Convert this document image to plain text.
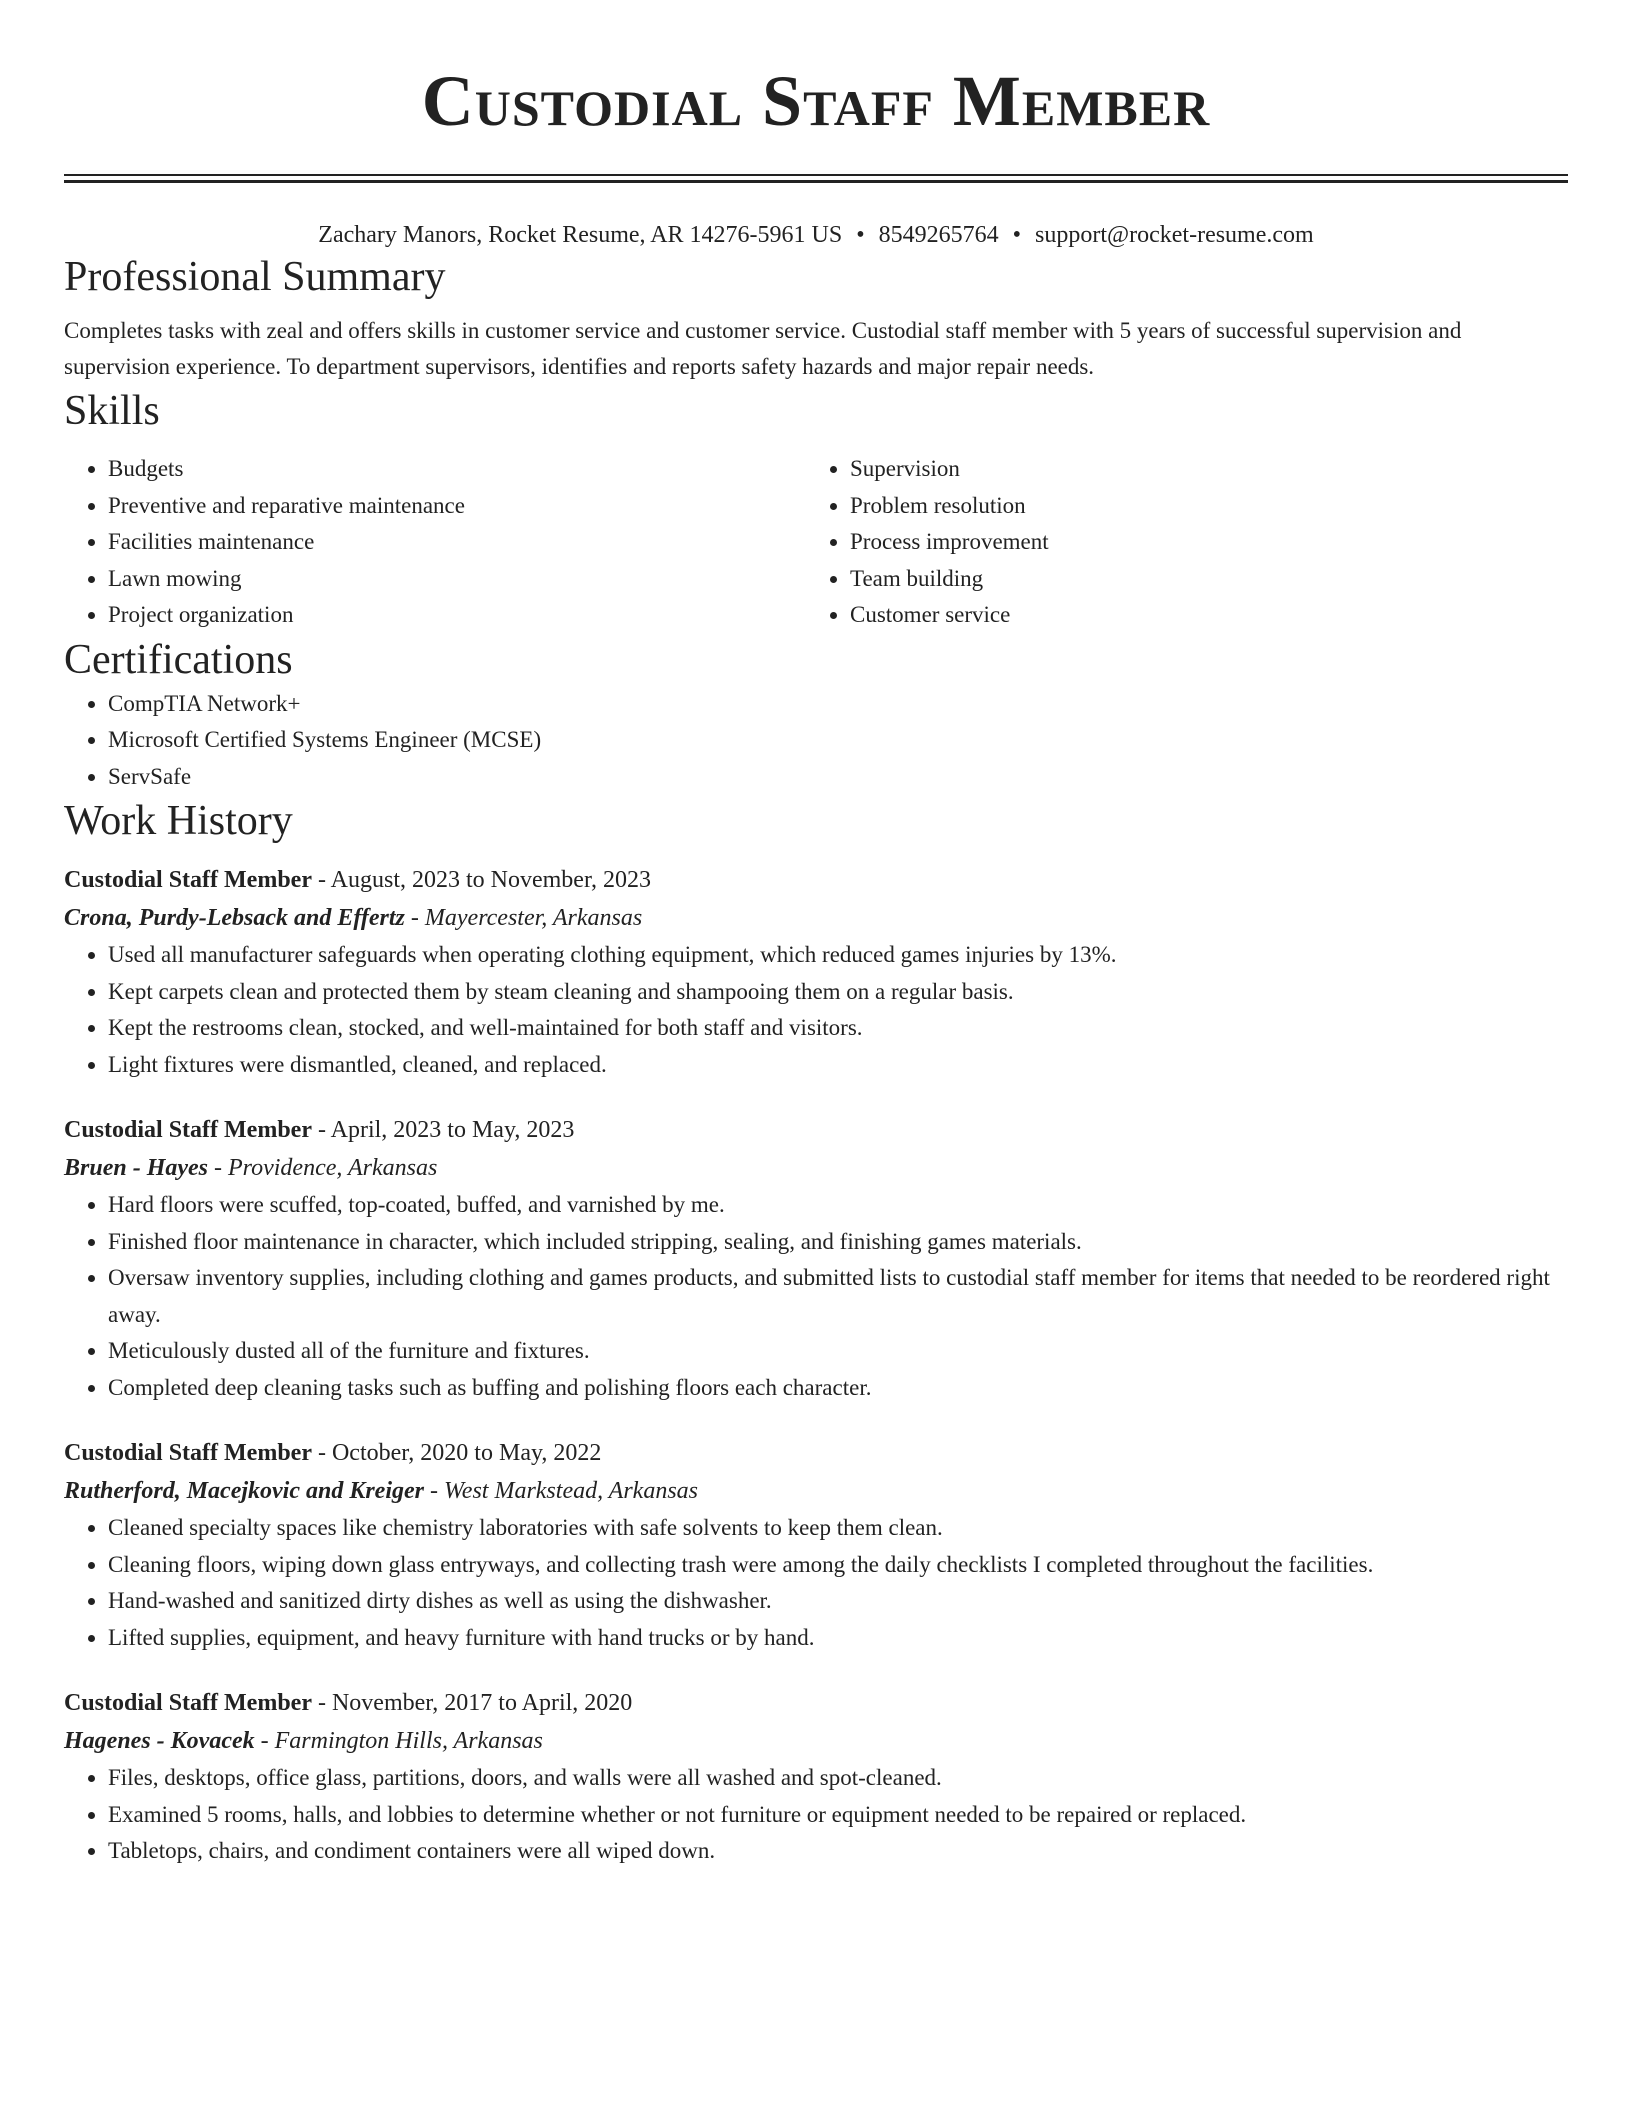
Custodial Staff Member
Zachary Manors, Rocket Resume, AR 14276-5961 US • 8549265764 • support@rocket-resume.com
Professional Summary

Completes tasks with zeal and offers skills in customer service and customer service. Custodial staff member with 5 years of successful supervision and supervision experience. To department supervisors, identifies and reports safety hazards and major repair needs.

Skills
• Budgets
• Preventive and reparative maintenance
• Facilities maintenance
• Lawn mowing
• Project organization
• Supervision
• Problem resolution
• Process improvement
• Team building
• Customer service
Certifications
• CompTIA Network+
• Microsoft Certified Systems Engineer (MCSE)
• ServSafe
Work History
Custodial Staff Member - August, 2023 to November, 2023
Crona, Purdy-Lebsack and Effertz - Mayercester, Arkansas
• Used all manufacturer safeguards when operating clothing equipment, which reduced games injuries by 13%.
• Kept carpets clean and protected them by steam cleaning and shampooing them on a regular basis.
• Kept the restrooms clean, stocked, and well-maintained for both staff and visitors.
• Light fixtures were dismantled, cleaned, and replaced.
Custodial Staff Member - April, 2023 to May, 2023
Bruen - Hayes - Providence, Arkansas
• Hard floors were scuffed, top-coated, buffed, and varnished by me.
• Finished floor maintenance in character, which included stripping, sealing, and finishing games materials.
• Oversaw inventory supplies, including clothing and games products, and submitted lists to custodial staff member for items that needed to be reordered right away.
• Meticulously dusted all of the furniture and fixtures.
• Completed deep cleaning tasks such as buffing and polishing floors each character.
Custodial Staff Member - October, 2020 to May, 2022
Rutherford, Macejkovic and Kreiger - West Markstead, Arkansas
• Cleaned specialty spaces like chemistry laboratories with safe solvents to keep them clean.
• Cleaning floors, wiping down glass entryways, and collecting trash were among the daily checklists I completed throughout the facilities.
• Hand-washed and sanitized dirty dishes as well as using the dishwasher.
• Lifted supplies, equipment, and heavy furniture with hand trucks or by hand.
Custodial Staff Member - November, 2017 to April, 2020
Hagenes - Kovacek - Farmington Hills, Arkansas
• Files, desktops, office glass, partitions, doors, and walls were all washed and spot-cleaned.
• Examined 5 rooms, halls, and lobbies to determine whether or not furniture or equipment needed to be repaired or replaced.
• Tabletops, chairs, and condiment containers were all wiped down.
